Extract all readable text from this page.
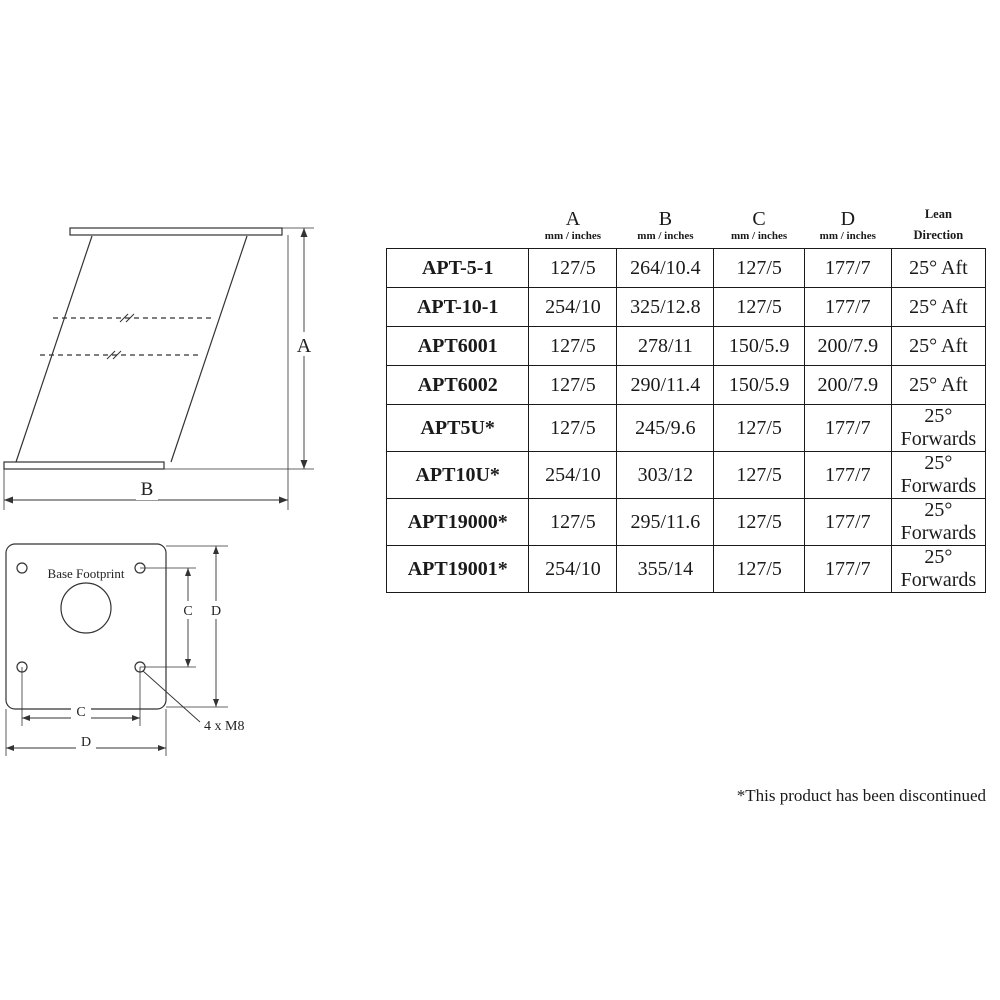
A
B
Base Footprint
C D
C
D
4 x M8

A
mm / inches

B
mm / inches

C
mm / inches

D
mm / inches

Lean
Direction

APT-5-1	127/5	264/10.4	127/5	177/7	25° Aft
APT-10-1	254/10	325/12.8	127/5	177/7	25° Aft
APT6001	127/5	278/11	150/5.9	200/7.9	25° Aft
APT6002	127/5	290/11.4	150/5.9	200/7.9	25° Aft
APT5U*	127/5	245/9.6	127/5	177/7	25° Forwards
APT10U*	254/10	303/12	127/5	177/7	25° Forwards
APT19000*	127/5	295/11.6	127/5	177/7	25° Forwards
APT19001*	254/10	355/14	127/5	177/7	25° Forwards
*This product has been discontinued
